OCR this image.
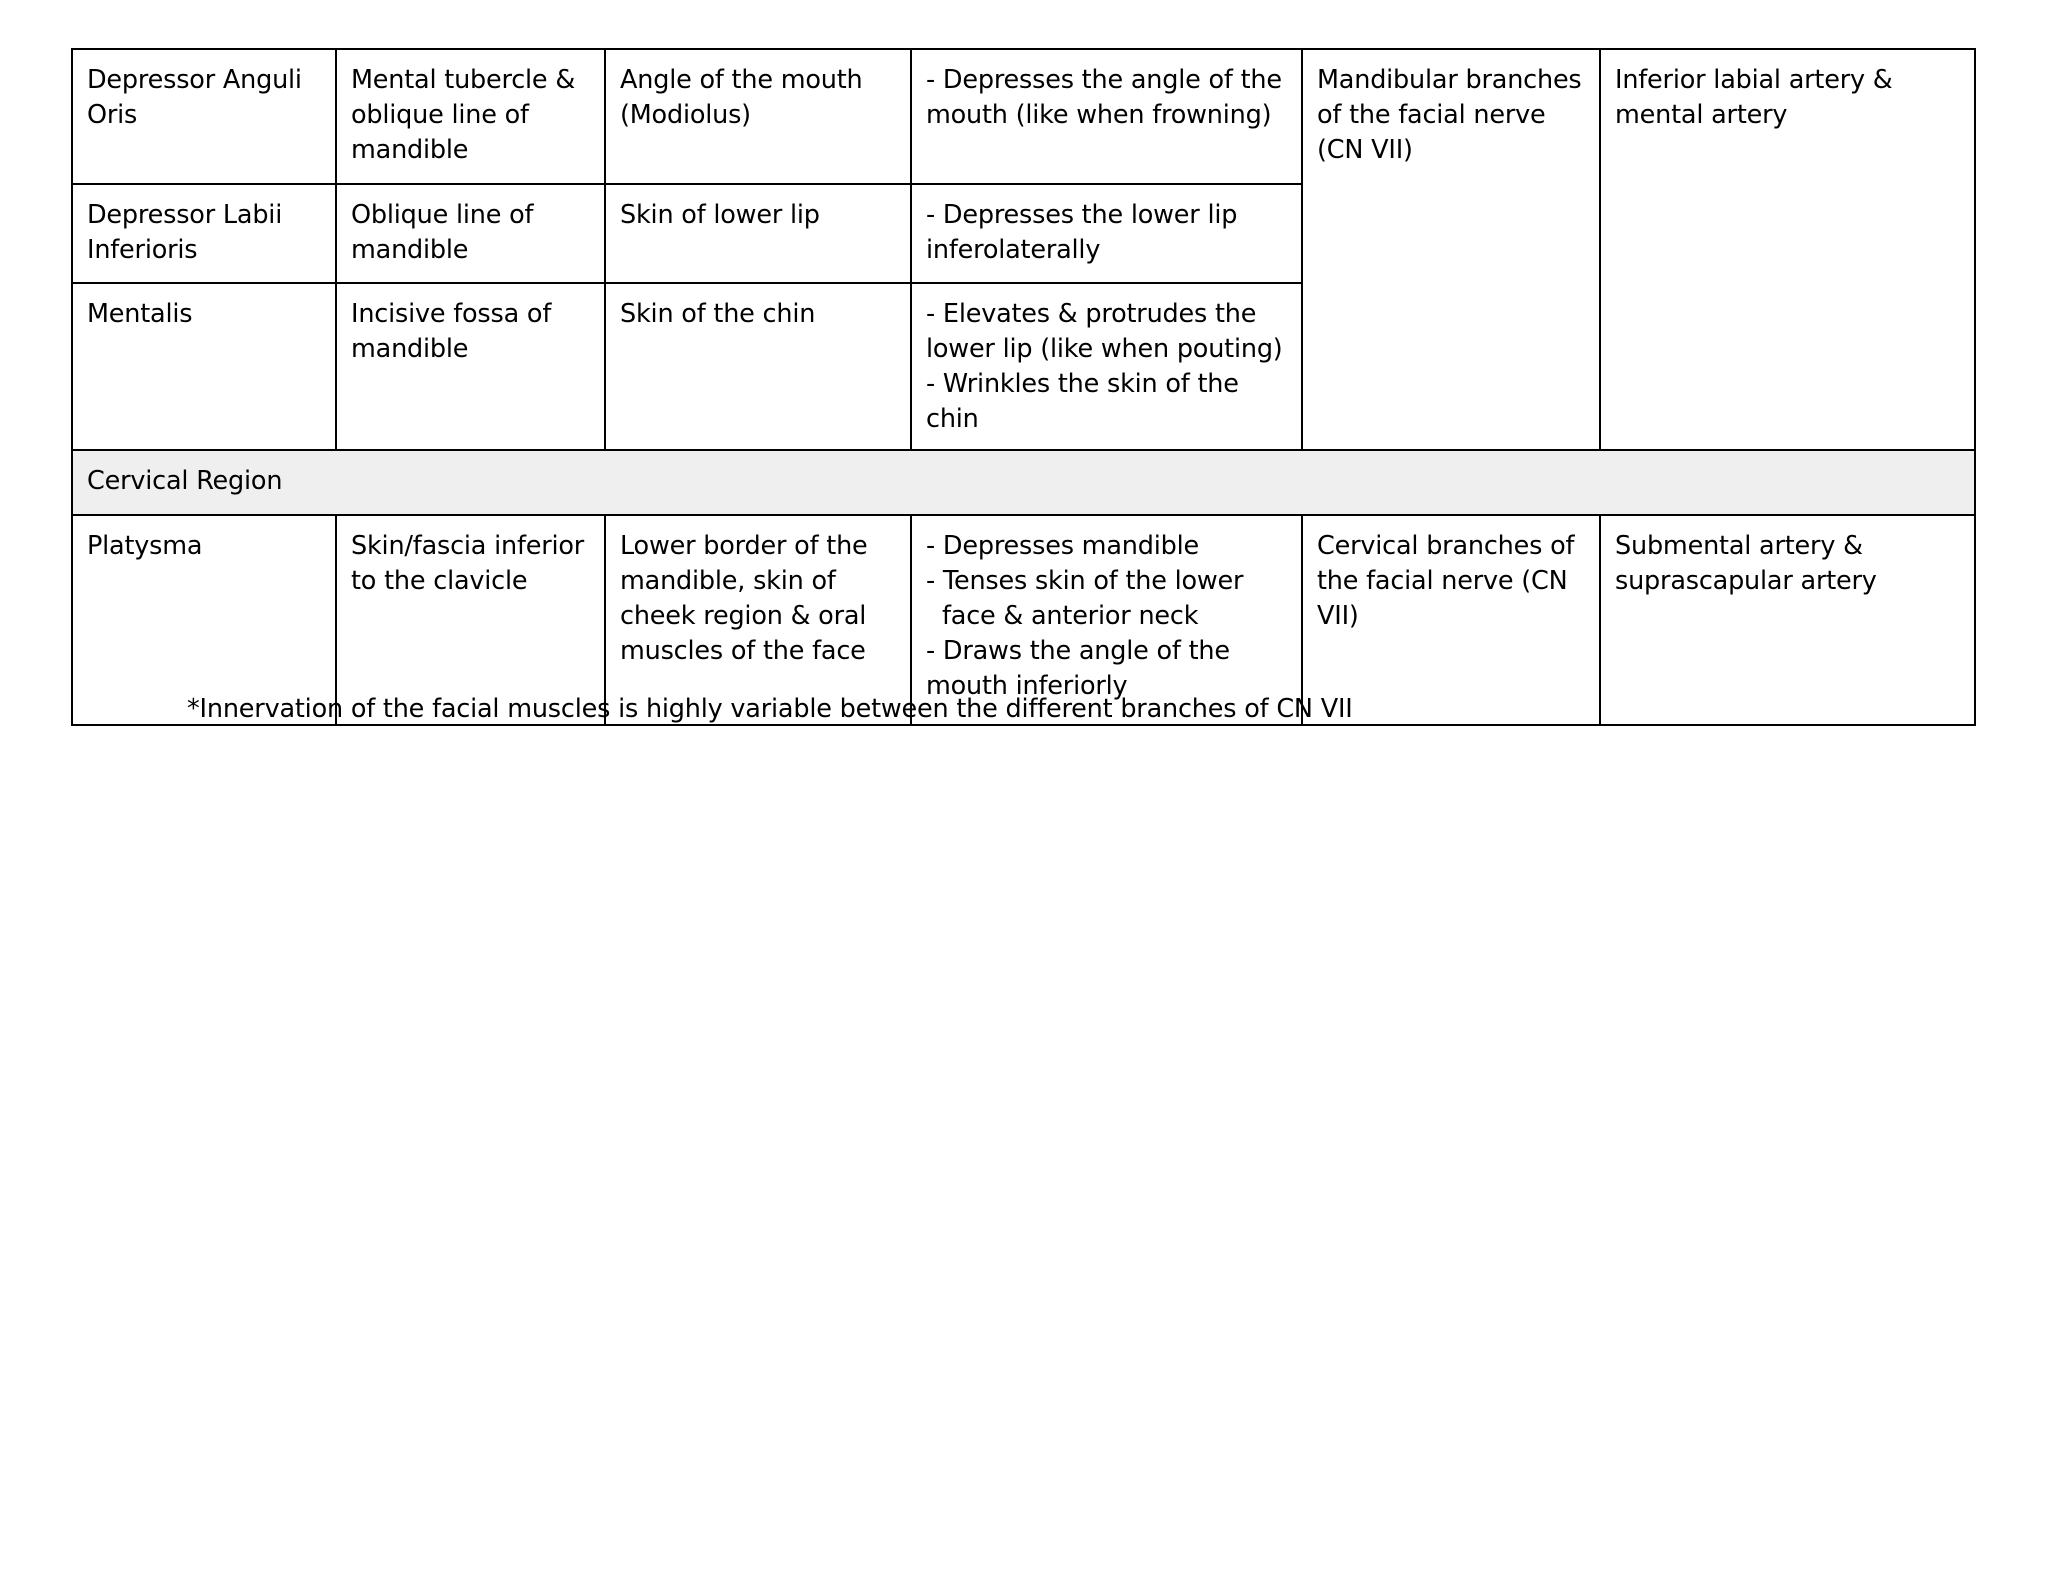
Depressor Anguli Oris	Mental tubercle & oblique line of mandible	Angle of the mouth (Modiolus)	- Depresses the angle of the mouth (like when frowning)	Mandibular branches of the facial nerve (CN VII)	Inferior labial artery & mental artery
Depressor Labii Inferioris	Oblique line of mandible	Skin of lower lip	- Depresses the lower lip inferolaterally		

Mentalis	Incisive fossa of mandible	Skin of the chin	- Elevates & protrudes the lower lip (like when pouting)
- Wrinkles the skin of the chin		

Cervical Region					
Platysma	Skin/fascia inferior to the clavicle	Lower border of the mandible, skin of cheek region & oral muscles of the face	- Depresses mandible
- Tenses skin of the lower
face & anterior neck
- Draws the angle of the mouth inferiorly	Cervical branches of the facial nerve (CN VII)	Submental artery & suprascapular artery
*Innervation of the facial muscles is highly variable between the different branches of CN VII
